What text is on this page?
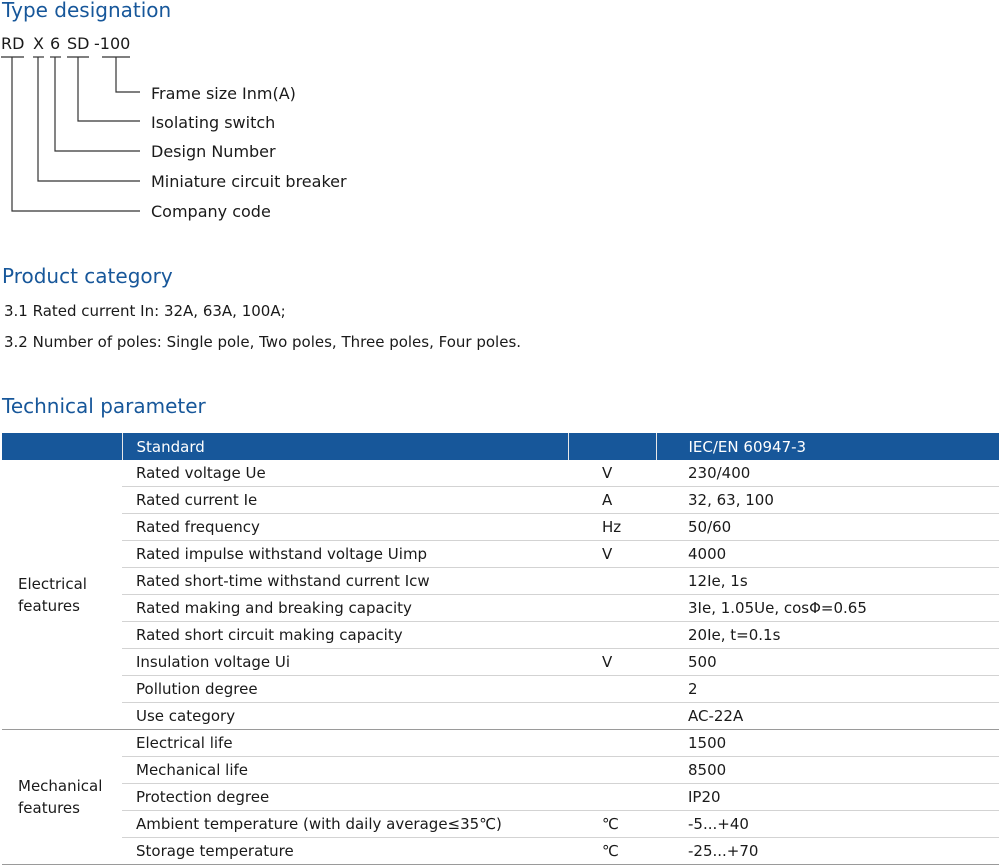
Type designation
RD X 6 SD -100
Frame size Inm(A)
Isolating switch
Design Number
Miniature circuit breaker
Company code
Product category

3.1 Rated current In: 32A, 63A, 100A;

3.2 Number of poles: Single pole, Two poles, Three poles, Four poles.

Technical parameter
	Standard		IEC/EN 60947-3
Electrical features	Rated voltage Ue	V	230/400
	Rated current Ie	A	32, 63, 100
	Rated frequency	Hz	50/60
	Rated impulse withstand voltage Uimp	V	4000
	Rated short-time withstand current Icw		12Ie, 1s
	Rated making and breaking capacity		3Ie, 1.05Ue, cosΦ=0.65
	Rated short circuit making capacity		20Ie, t=0.1s
	Insulation voltage Ui	V	500
	Pollution degree		2
	Use category		AC-22A
Mechanical features	Electrical life		1500
	Mechanical life		8500
	Protection degree		IP20
	Ambient temperature (with daily average≤35℃)	℃	-5...+40
	Storage temperature	℃	-25...+70
